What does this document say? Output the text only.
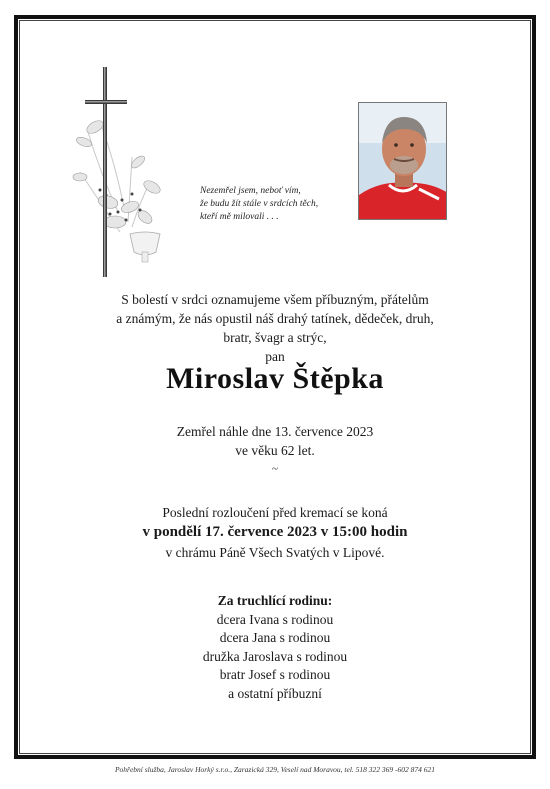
Nezemřel jsem, neboť vím,
že budu žít stále v srdcích těch,
kteří mě milovali . . .
S bolestí v srdci oznamujeme všem příbuzným, přátelům
a známým, že nás opustil náš drahý tatínek, dědeček, druh,
bratr, švagr a strýc,
pan
Miroslav Štěpka
Zemřel náhle dne 13. července 2023
ve věku 62 let.
~
Poslední rozloučení před kremací se koná
v pondělí 17. července 2023 v 15:00 hodin
v chrámu Páně Všech Svatých v Lipové.
Za truchlící rodinu:
dcera Ivana s rodinou
dcera Jana s rodinou
družka Jaroslava s rodinou
bratr Josef s rodinou
a ostatní příbuzní
Pohřební služba, Jaroslav Horký s.r.o., Zarazická 329, Veselí nad Moravou, tel. 518 322 369 -602 874 621
